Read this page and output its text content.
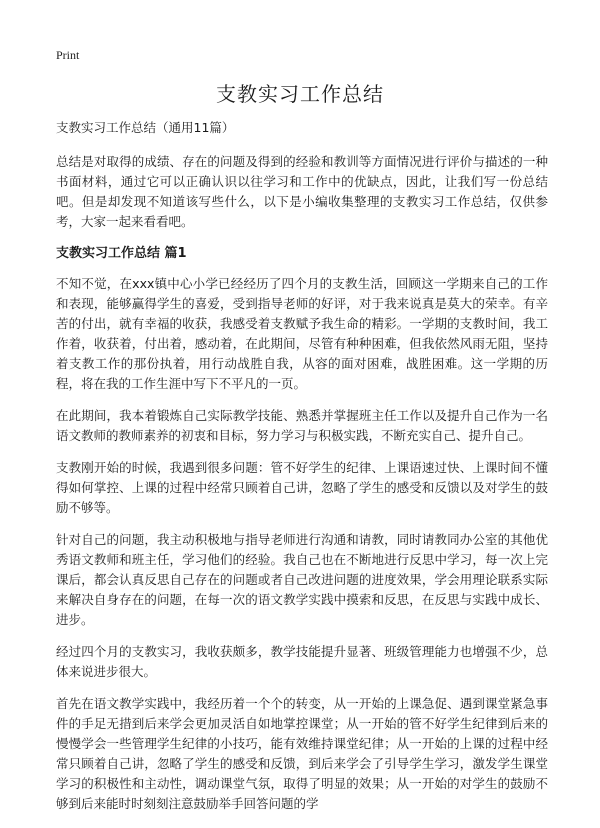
Print
支教实习工作总结

支教实习工作总结（通用11篇）

总结是对取得的成绩、存在的问题及得到的经验和教训等方面情况进行评价与描述的一种书面材料，通过它可以正确认识以往学习和工作中的优缺点，因此，让我们写一份总结吧。但是却发现不知道该写些什么，以下是小编收集整理的支教实习工作总结，仅供参考，大家一起来看看吧。

支教实习工作总结 篇1

不知不觉，在xxx镇中心小学已经经历了四个月的支教生活，回顾这一学期来自己的工作和表现，能够赢得学生的喜爱，受到指导老师的好评，对于我来说真是莫大的荣幸。有辛苦的付出，就有幸福的收获，我感受着支教赋予我生命的精彩。一学期的支教时间，我工作着，收获着，付出着，感动着，在此期间，尽管有种种困难，但我依然风雨无阻，坚持着支教工作的那份执着，用行动战胜自我，从容的面对困难，战胜困难。这一学期的历程，将在我的工作生涯中写下不平凡的一页。

在此期间，我本着锻炼自己实际教学技能、熟悉并掌握班主任工作以及提升自己作为一名语文教师的教师素养的初衷和目标，努力学习与积极实践，不断充实自己、提升自己。

支教刚开始的时候，我遇到很多问题：管不好学生的纪律、上课语速过快、上课时间不懂得如何掌控、上课的过程中经常只顾着自己讲，忽略了学生的感受和反馈以及对学生的鼓励不够等。

针对自己的问题，我主动积极地与指导老师进行沟通和请教，同时请教同办公室的其他优秀语文教师和班主任，学习他们的经验。我自己也在不断地进行反思中学习，每一次上完课后，都会认真反思自己存在的问题或者自己改进问题的进度效果，学会用理论联系实际来解决自身存在的问题，在每一次的语文教学实践中摸索和反思，在反思与实践中成长、进步。

经过四个月的支教实习，我收获颇多，教学技能提升显著、班级管理能力也增强不少，总体来说进步很大。

首先在语文教学实践中，我经历着一个个的转变，从一开始的上课急促、遇到课堂紧急事件的手足无措到后来学会更加灵活自如地掌控课堂；从一开始的管不好学生纪律到后来的慢慢学会一些管理学生纪律的小技巧，能有效维持课堂纪律；从一开始的上课的过程中经常只顾着自己讲，忽略了学生的感受和反馈，到后来学会了引导学生学习，激发学生课堂学习的积极性和主动性，调动课堂气氛，取得了明显的效果；从一开始的对学生的鼓励不够到后来能时时刻刻注意鼓励举手回答问题的学
